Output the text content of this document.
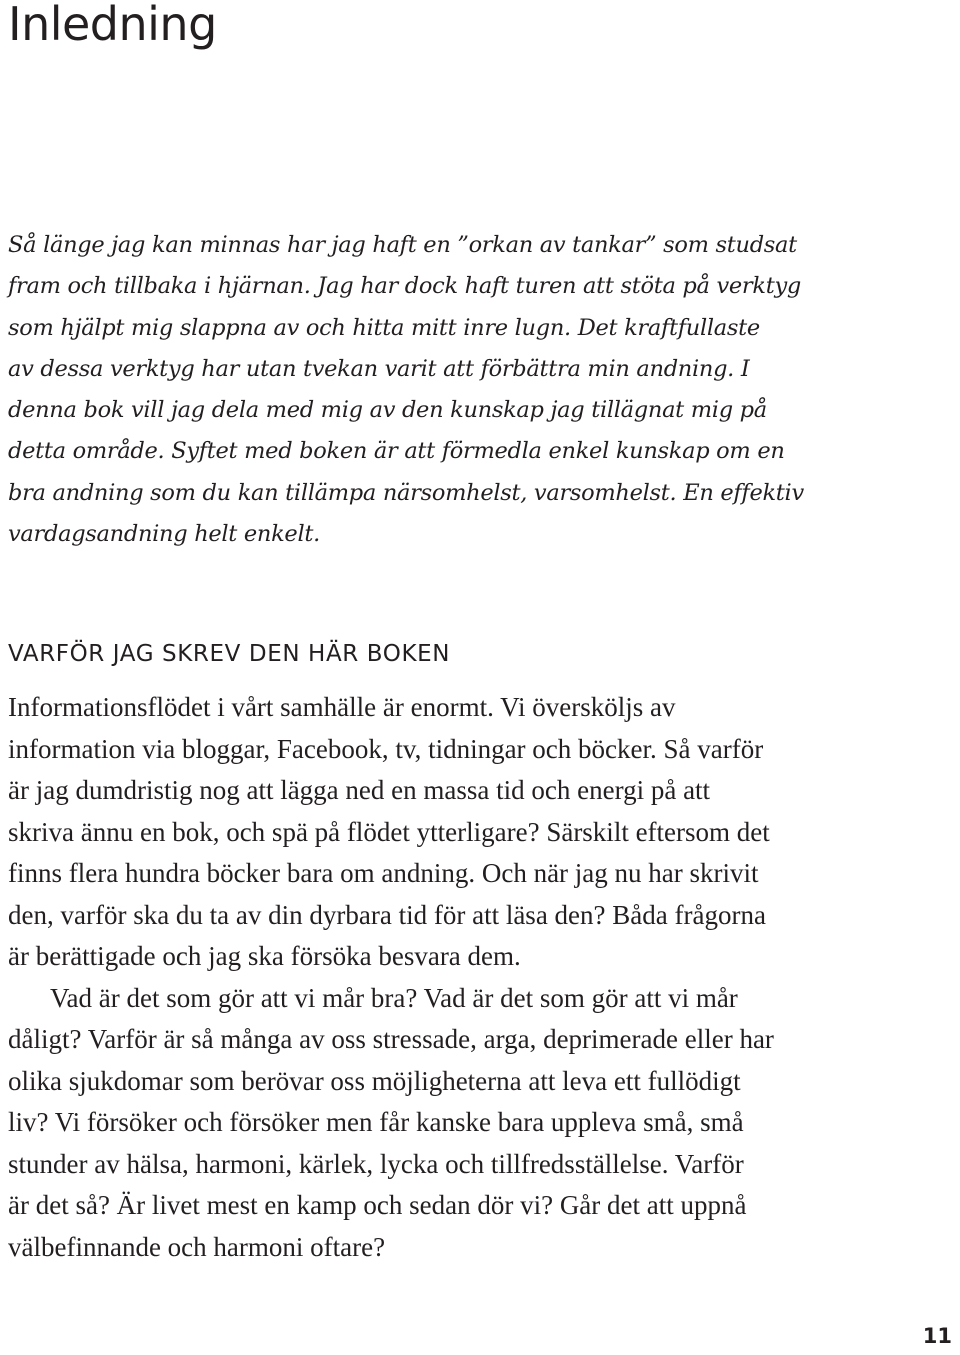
Inledning
Så länge jag kan minnas har jag haft en ”orkan av tankar” som studsat
fram och tillbaka i hjärnan. Jag har dock haft turen att stöta på verktyg
som hjälpt mig slappna av och hitta mitt inre lugn. Det kraftfullaste
av dessa verktyg har utan tvekan varit att förbättra min andning. I
denna bok vill jag dela med mig av den kunskap jag tillägnat mig på
detta område. Syftet med boken är att förmedla enkel kunskap om en
bra andning som du kan tillämpa närsomhelst, varsomhelst. En effektiv
vardagsandning helt enkelt.
VARFÖR JAG SKREV DEN HÄR BOKEN
Informationsflödet i vårt samhälle är enormt. Vi översköljs av
information via bloggar, Facebook, tv, tidningar och böcker. Så varför
är jag dumdristig nog att lägga ned en massa tid och energi på att
skriva ännu en bok, och spä på flödet ytterligare? Särskilt eftersom det
finns flera hundra böcker bara om andning. Och när jag nu har skrivit
den, varför ska du ta av din dyrbara tid för att läsa den? Båda frågorna
är berättigade och jag ska försöka besvara dem.
Vad är det som gör att vi mår bra? Vad är det som gör att vi mår
dåligt? Varför är så många av oss stressade, arga, deprimerade eller har
olika sjukdomar som berövar oss möjligheterna att leva ett fullödigt
liv? Vi försöker och försöker men får kanske bara uppleva små, små
stunder av hälsa, harmoni, kärlek, lycka och tillfredsställelse. Varför
är det så? Är livet mest en kamp och sedan dör vi? Går det att uppnå
välbefinnande och harmoni oftare?
11
